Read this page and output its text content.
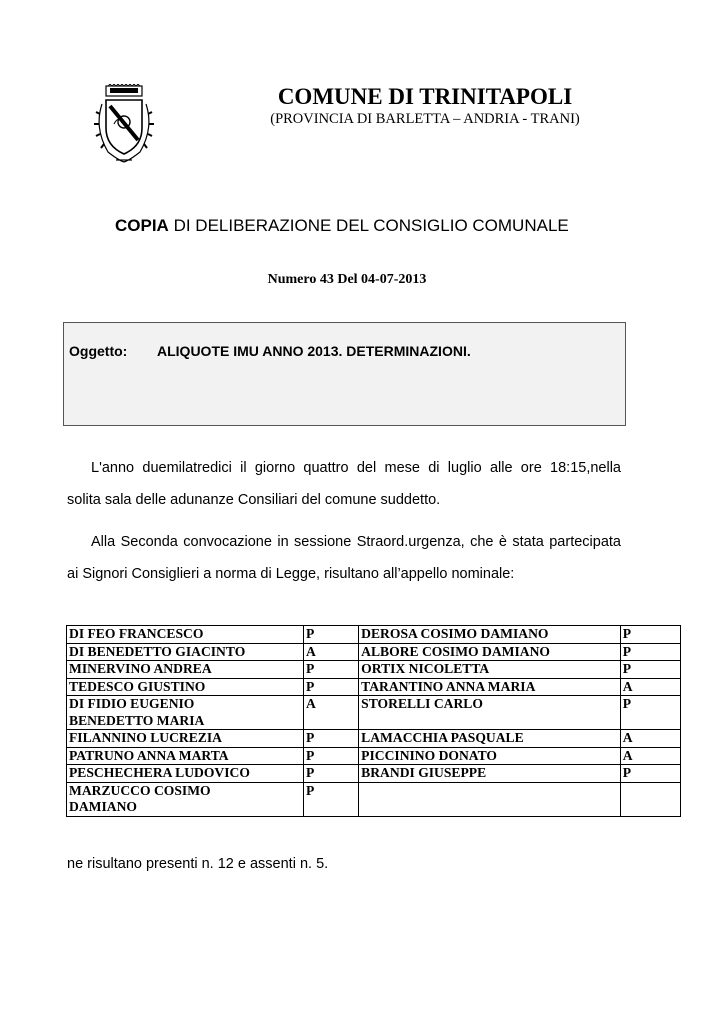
COMUNE DI TRINITAPOLI
(PROVINCIA DI BARLETTA – ANDRIA - TRANI)
COPIA DI DELIBERAZIONE DEL CONSIGLIO COMUNALE
Numero 43 Del 04-07-2013
Oggetto: ALIQUOTE IMU ANNO 2013. DETERMINAZIONI.
L'anno duemilatredici il giorno quattro del mese di luglio alle ore 18:15,nella
solita sala delle adunanze Consiliari del comune suddetto.
Alla Seconda convocazione in sessione Straord.urgenza, che è stata partecipata
ai Signori Consiglieri a norma di Legge, risultano all’appello nominale:
DI FEO FRANCESCO	P	DEROSA COSIMO DAMIANO	P
DI BENEDETTO GIACINTO	A	ALBORE COSIMO DAMIANO	P
MINERVINO ANDREA	P	ORTIX NICOLETTA	P
TEDESCO GIUSTINO	P	TARANTINO ANNA MARIA	A
DI FIDIO EUGENIO
BENEDETTO MARIA	A	STORELLI CARLO	P
FILANNINO LUCREZIA	P	LAMACCHIA PASQUALE	A
PATRUNO ANNA MARTA	P	PICCININO DONATO	A
PESCHECHERA LUDOVICO	P	BRANDI GIUSEPPE	P
MARZUCCO COSIMO
DAMIANO	P		
ne risultano presenti n. 12 e assenti n. 5.
